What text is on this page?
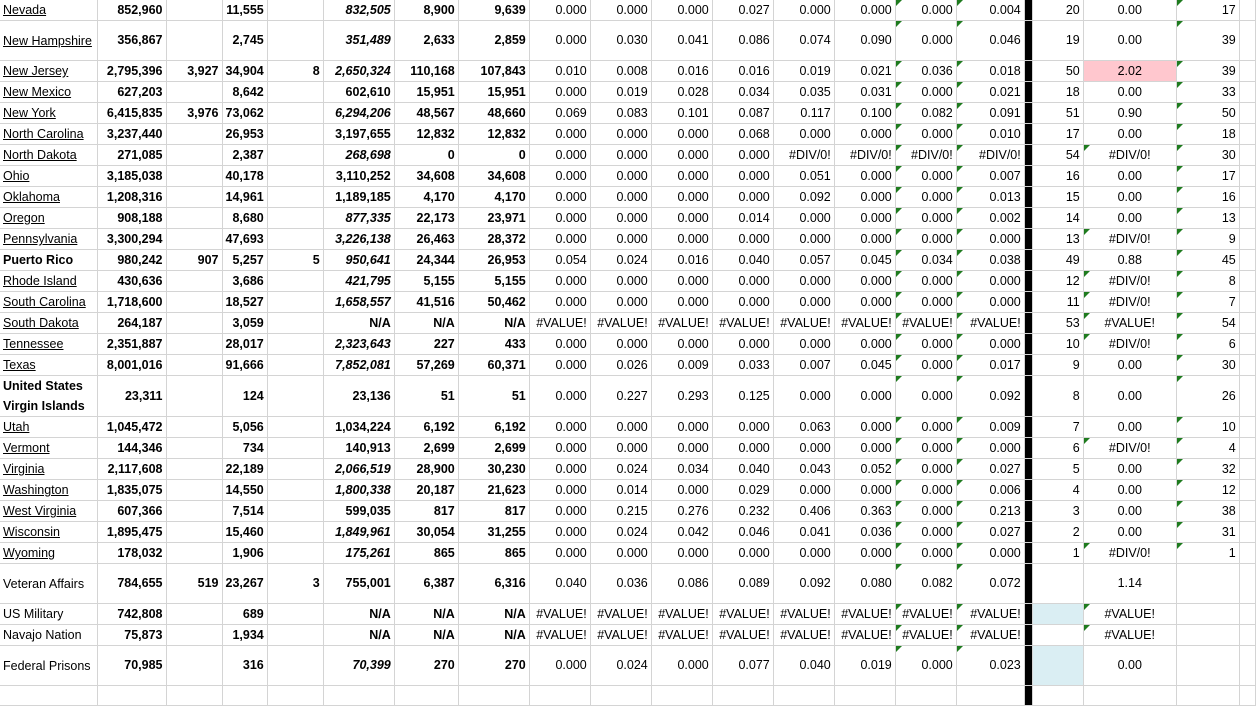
Nevada	852,960		11,555		832,505	8,900	9,639	0.000	0.000	0.000	0.027	0.000	0.000	0.000	0.004		20	0.00	17	

New Hampshire	356,867		2,745		351,489	2,633	2,859	0.000	0.030	0.041	0.086	0.074	0.090	0.000	0.046		19	0.00	39	

New Jersey	2,795,396	3,927	34,904	8	2,650,324	110,168	107,843	0.010	0.008	0.016	0.016	0.019	0.021	0.036	0.018		50	2.02	39	

New Mexico	627,203		8,642		602,610	15,951	15,951	0.000	0.019	0.028	0.034	0.035	0.031	0.000	0.021		18	0.00	33	

New York	6,415,835	3,976	73,062		6,294,206	48,567	48,660	0.069	0.083	0.101	0.087	0.117	0.100	0.082	0.091		51	0.90	50	

North Carolina	3,237,440		26,953		3,197,655	12,832	12,832	0.000	0.000	0.000	0.068	0.000	0.000	0.000	0.010		17	0.00	18	

North Dakota	271,085		2,387		268,698	0	0	0.000	0.000	0.000	0.000	#DIV/0!	#DIV/0!	#DIV/0!	#DIV/0!		54	#DIV/0!	30	

Ohio	3,185,038		40,178		3,110,252	34,608	34,608	0.000	0.000	0.000	0.000	0.051	0.000	0.000	0.007		16	0.00	17	

Oklahoma	1,208,316		14,961		1,189,185	4,170	4,170	0.000	0.000	0.000	0.000	0.092	0.000	0.000	0.013		15	0.00	16	

Oregon	908,188		8,680		877,335	22,173	23,971	0.000	0.000	0.000	0.014	0.000	0.000	0.000	0.002		14	0.00	13	

Pennsylvania	3,300,294		47,693		3,226,138	26,463	28,372	0.000	0.000	0.000	0.000	0.000	0.000	0.000	0.000		13	#DIV/0!	9	

Puerto Rico	980,242	907	5,257	5	950,641	24,344	26,953	0.054	0.024	0.016	0.040	0.057	0.045	0.034	0.038		49	0.88	45	

Rhode Island	430,636		3,686		421,795	5,155	5,155	0.000	0.000	0.000	0.000	0.000	0.000	0.000	0.000		12	#DIV/0!	8	

South Carolina	1,718,600		18,527		1,658,557	41,516	50,462	0.000	0.000	0.000	0.000	0.000	0.000	0.000	0.000		11	#DIV/0!	7	

South Dakota	264,187		3,059		N/A	N/A	N/A	#VALUE!	#VALUE!	#VALUE!	#VALUE!	#VALUE!	#VALUE!	#VALUE!	#VALUE!		53	#VALUE!	54	

Tennessee	2,351,887		28,017		2,323,643	227	433	0.000	0.000	0.000	0.000	0.000	0.000	0.000	0.000		10	#DIV/0!	6	

Texas	8,001,016		91,666		7,852,081	57,269	60,371	0.000	0.026	0.009	0.033	0.007	0.045	0.000	0.017		9	0.00	30	

United States Virgin Islands	23,311		124		23,136	51	51	0.000	0.227	0.293	0.125	0.000	0.000	0.000	0.092		8	0.00	26	

Utah	1,045,472		5,056		1,034,224	6,192	6,192	0.000	0.000	0.000	0.000	0.063	0.000	0.000	0.009		7	0.00	10	

Vermont	144,346		734		140,913	2,699	2,699	0.000	0.000	0.000	0.000	0.000	0.000	0.000	0.000		6	#DIV/0!	4	

Virginia	2,117,608		22,189		2,066,519	28,900	30,230	0.000	0.024	0.034	0.040	0.043	0.052	0.000	0.027		5	0.00	32	

Washington	1,835,075		14,550		1,800,338	20,187	21,623	0.000	0.014	0.000	0.029	0.000	0.000	0.000	0.006		4	0.00	12	

West Virginia	607,366		7,514		599,035	817	817	0.000	0.215	0.276	0.232	0.406	0.363	0.000	0.213		3	0.00	38	

Wisconsin	1,895,475		15,460		1,849,961	30,054	31,255	0.000	0.024	0.042	0.046	0.041	0.036	0.000	0.027		2	0.00	31	

Wyoming	178,032		1,906		175,261	865	865	0.000	0.000	0.000	0.000	0.000	0.000	0.000	0.000		1	#DIV/0!	1	

Veteran Affairs	784,655	519	23,267	3	755,001	6,387	6,316	0.040	0.036	0.086	0.089	0.092	0.080	0.082	0.072			1.14		

US Military	742,808		689		N/A	N/A	N/A	#VALUE!	#VALUE!	#VALUE!	#VALUE!	#VALUE!	#VALUE!	#VALUE!	#VALUE!			#VALUE!		

Navajo Nation	75,873		1,934		N/A	N/A	N/A	#VALUE!	#VALUE!	#VALUE!	#VALUE!	#VALUE!	#VALUE!	#VALUE!	#VALUE!			#VALUE!		

Federal Prisons	70,985		316		70,399	270	270	0.000	0.024	0.000	0.077	0.040	0.019	0.000	0.023			0.00		
